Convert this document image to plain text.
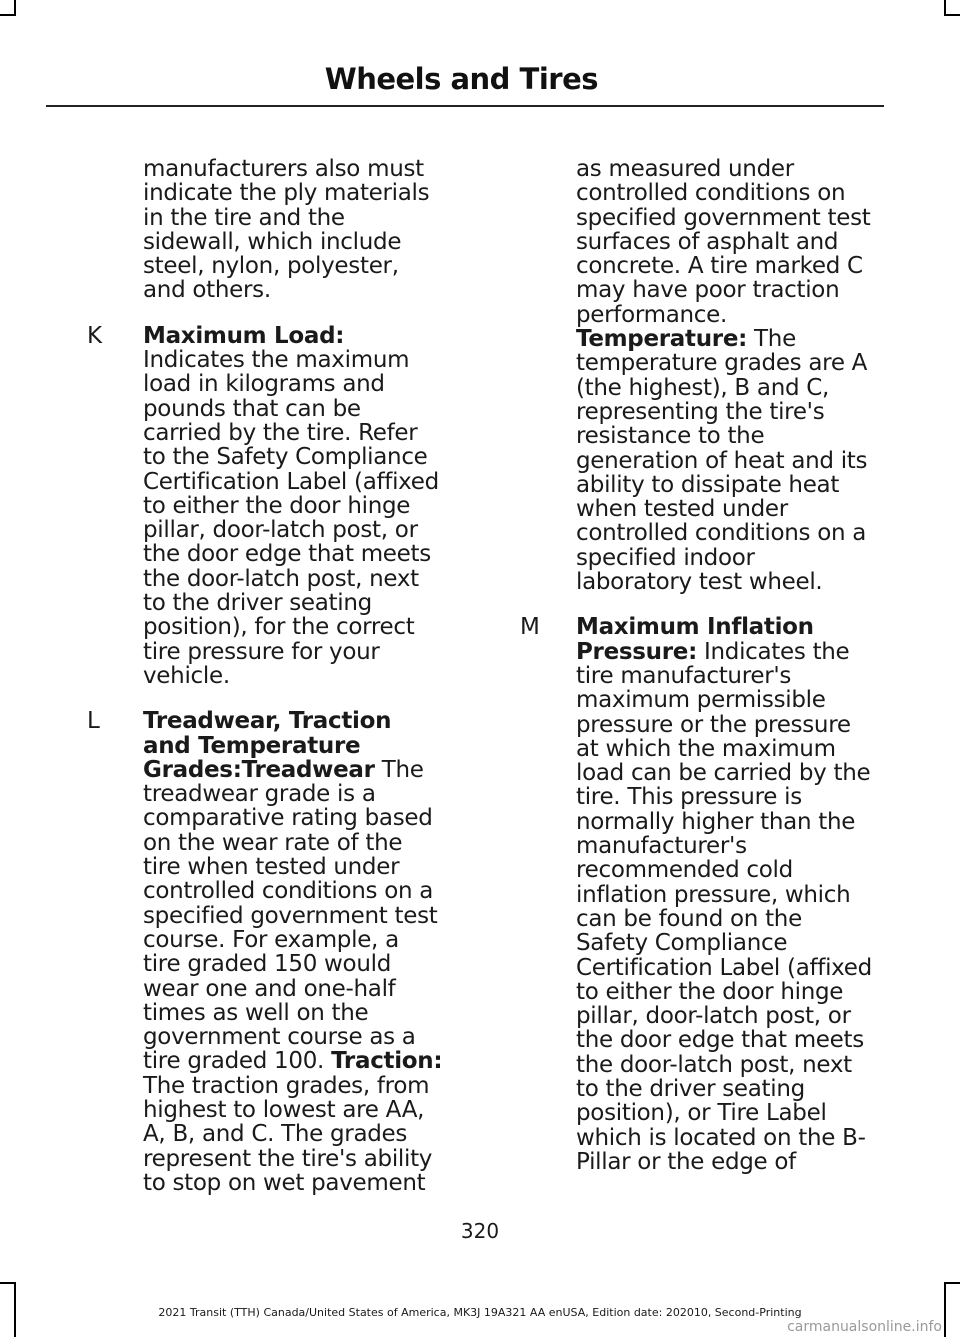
Wheels and Tires

manufacturers also must indicate the ply materials in the tire and the sidewall, which include steel, nylon, polyester, and others.

K Maximum Load:
Indicates the maximum load in kilograms and pounds that can be carried by the tire. Refer to the Safety Compliance Certification Label (affixed to either the door hinge pillar, door-latch post, or the door edge that meets the door-latch post, next to the driver seating position), for the correct tire pressure for your vehicle.

L Treadwear, Traction and Temperature Grades:Treadwear The treadwear grade is a comparative rating based on the wear rate of the tire when tested under controlled conditions on a specified government test course. For example, a tire graded 150 would wear one and one-half times as well on the government course as a tire graded 100. Traction: The traction grades, from highest to lowest are AA, A, B, and C. The grades represent the tire's ability to stop on wet pavement

as measured under controlled conditions on specified government test surfaces of asphalt and concrete. A tire marked C may have poor traction performance.
Temperature: The temperature grades are A (the highest), B and C, representing the tire's resistance to the generation of heat and its ability to dissipate heat when tested under controlled conditions on a specified indoor laboratory test wheel.

M Maximum Inflation Pressure: Indicates the tire manufacturer's maximum permissible pressure or the pressure at which the maximum load can be carried by the tire. This pressure is normally higher than the manufacturer's recommended cold inflation pressure, which can be found on the Safety Compliance Certification Label (affixed to either the door hinge pillar, door-latch post, or the door edge that meets the door-latch post, next to the driver seating position), or Tire Label which is located on the B-Pillar or the edge of

320
2021 Transit (TTH) Canada/United States of America, MK3J 19A321 AA enUSA, Edition date: 202010, Second-Printing
carmanualsonline.info
